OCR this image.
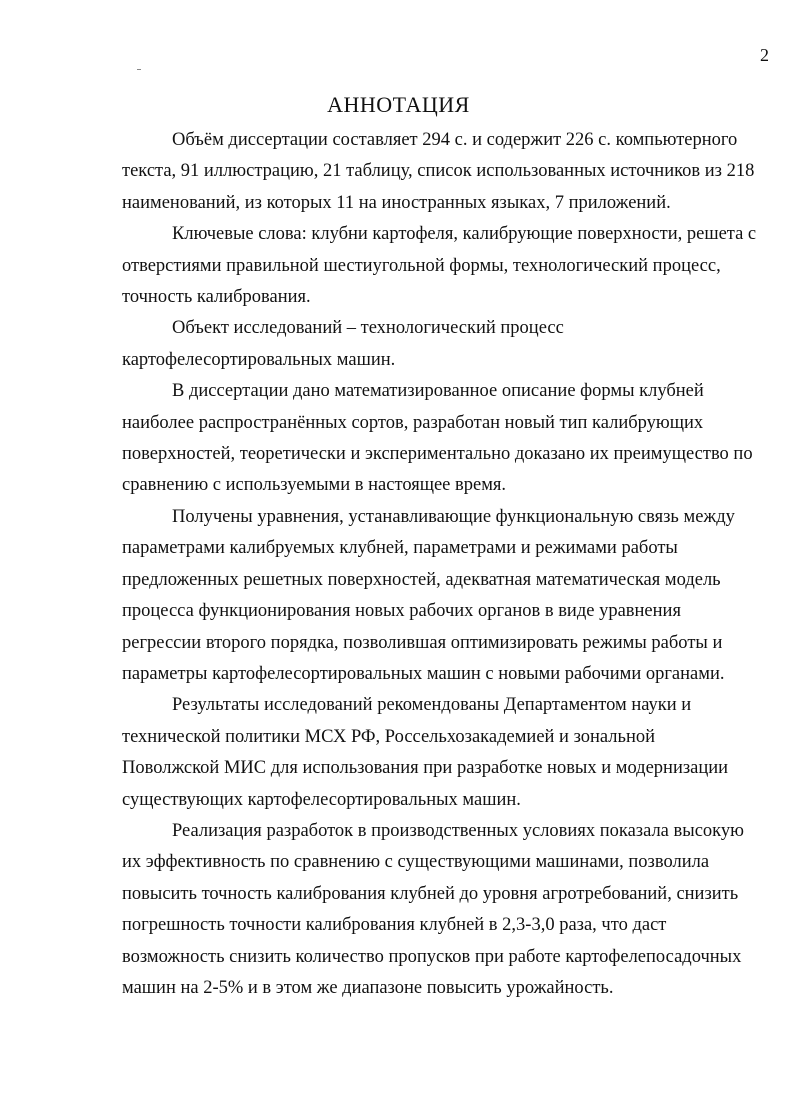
2
АННОТАЦИЯ

Объём диссертации составляет 294 с. и содержит 226 с. компьютерного
текста, 91 иллюстрацию, 21 таблицу, список использованных источников из 218
наименований, из которых 11 на иностранных языках, 7 приложений.

Ключевые слова: клубни картофеля, калибрующие поверхности, решета с
отверстиями правильной шестиугольной формы, технологический процесс,
точность калибрования.

Объект исследований – технологический процесс
картофелесортировальных машин.

В диссертации дано математизированное описание формы клубней
наиболее распространённых сортов, разработан новый тип калибрующих
поверхностей, теоретически и экспериментально доказано их преимущество по
сравнению с используемыми в настоящее время.

Получены уравнения, устанавливающие функциональную связь между
параметрами калибруемых клубней, параметрами и режимами работы
предложенных решетных поверхностей, адекватная математическая модель
процесса функционирования новых рабочих органов в виде уравнения
регрессии второго порядка, позволившая оптимизировать режимы работы и
параметры картофелесортировальных машин с новыми рабочими органами.

Результаты исследований рекомендованы Департаментом науки и
технической политики МСХ РФ, Россельхозакадемией и зональной
Поволжской МИС для использования при разработке новых и модернизации
существующих картофелесортировальных машин.

Реализация разработок в производственных условиях показала высокую
их эффективность по сравнению с существующими машинами, позволила
повысить точность калибрования клубней до уровня агротребований, снизить
погрешность точности калибрования клубней в 2,3-3,0 раза, что даст
возможность снизить количество пропусков при работе картофелепосадочных
машин на 2-5% и в этом же диапазоне повысить урожайность.
